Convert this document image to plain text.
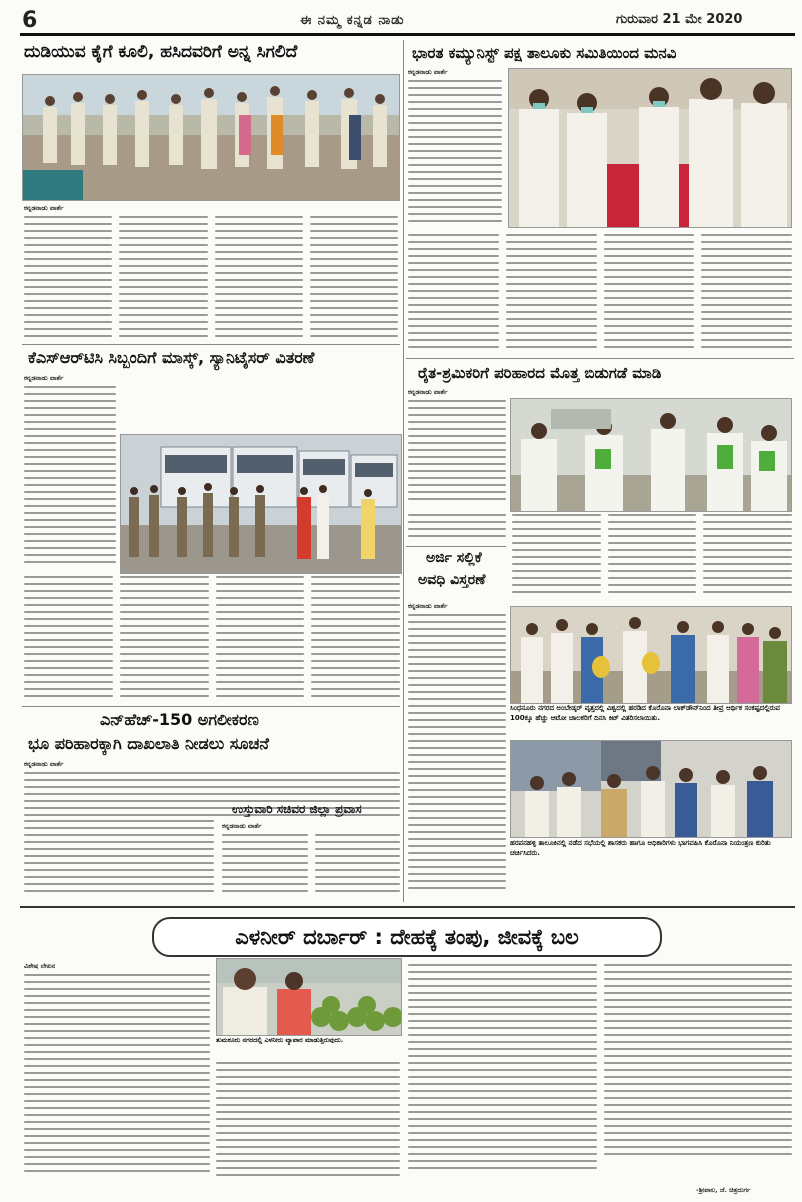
6	ಈ ನಮ್ಮ ಕನ್ನಡ ನಾಡು	ಗುರುವಾರ 21 ಮೇ 2020
ದುಡಿಯುವ ಕೈಗೆ ಕೂಲಿ, ಹಸಿದವರಿಗೆ ಅನ್ನ ಸಿಗಲಿದೆ
ಕನ್ನಡನಾಡು ವಾರ್ತೆ
ಭಾರತ ಕಮ್ಯುನಿಸ್ಟ್ ಪಕ್ಷ ತಾಲೂಕು ಸಮಿತಿಯಿಂದ ಮನವಿ
ಕನ್ನಡನಾಡು ವಾರ್ತೆ
ಕೆಎಸ್ಆರ್‌ಟಿಸಿ ಸಿಬ್ಬಂದಿಗೆ ಮಾಸ್ಕ್, ಸ್ಯಾನಿಟೈಸರ್ ವಿತರಣೆ
ಕನ್ನಡನಾಡು ವಾರ್ತೆ	ರೈತ-ಶ್ರಮಿಕರಿಗೆ ಪರಿಹಾರದ ಮೊತ್ತ ಬಿಡುಗಡೆ ಮಾಡಿ
ಕನ್ನಡನಾಡು ವಾರ್ತೆ
ಅರ್ಜಿ ಸಲ್ಲಿಕೆ
ಅವಧಿ ವಿಸ್ತರಣೆ
ಕನ್ನಡನಾಡು ವಾರ್ತೆ
ಸಿಂಧನೂರು ನಗರದ ಅಂಬೇಡ್ಕರ್ ವೃತ್ತದಲ್ಲಿ ವಿಶ್ವದಲ್ಲಿ ಹರಡಿದ ಕೊರೊನಾ ಲಾಕ್‌ಡೌನ್‌ನಿಂದ ತೀವ್ರ ಆರ್ಥಿಕ ಸಂಕಷ್ಟದಲ್ಲಿರುವ 100ಕ್ಕೂ ಹೆಚ್ಚು ಆಟೋ ಚಾಲಕರಿಗೆ ದಿನಸಿ ಕಿಟ್ ವಿತರಿಸಲಾಯಿತು.
ಹರಪನಹಳ್ಳಿ ತಾಲೂಕಿನಲ್ಲಿ ನಡೆದ ಸಭೆಯಲ್ಲಿ ಶಾಸಕರು ಹಾಗೂ ಅಧಿಕಾರಿಗಳು ಭಾಗವಹಿಸಿ ಕೊರೊನಾ ನಿಯಂತ್ರಣ ಕುರಿತು ಚರ್ಚಿಸಿದರು.
ಎನ್‌ಹೆಚ್-150 ಅಗಲೀಕರಣ
ಭೂ ಪರಿಹಾರಕ್ಕಾಗಿ ದಾಖಲಾತಿ ನೀಡಲು ಸೂಚನೆ
ಕನ್ನಡನಾಡು ವಾರ್ತೆ
ಉಸ್ತುವಾರಿ ಸಚಿವರ ಜಿಲ್ಲಾ ಪ್ರವಾಸ
ಕನ್ನಡನಾಡು ವಾರ್ತೆ
ಎಳನೀರ್ ದರ್ಬಾರ್ : ದೇಹಕ್ಕೆ ತಂಪು, ಜೀವಕ್ಕೆ ಬಲ
ವಿಶೇಷ ಲೇಖನ
ತುಮಕೂರು ನಗರದಲ್ಲಿ ಎಳನೀರು ವ್ಯಾಪಾರ ಮಾಡುತ್ತಿರುವುದು.
-ಶ್ರೀಪಾಲ, ಜೆ. ಚಿತ್ರದುರ್ಗ
